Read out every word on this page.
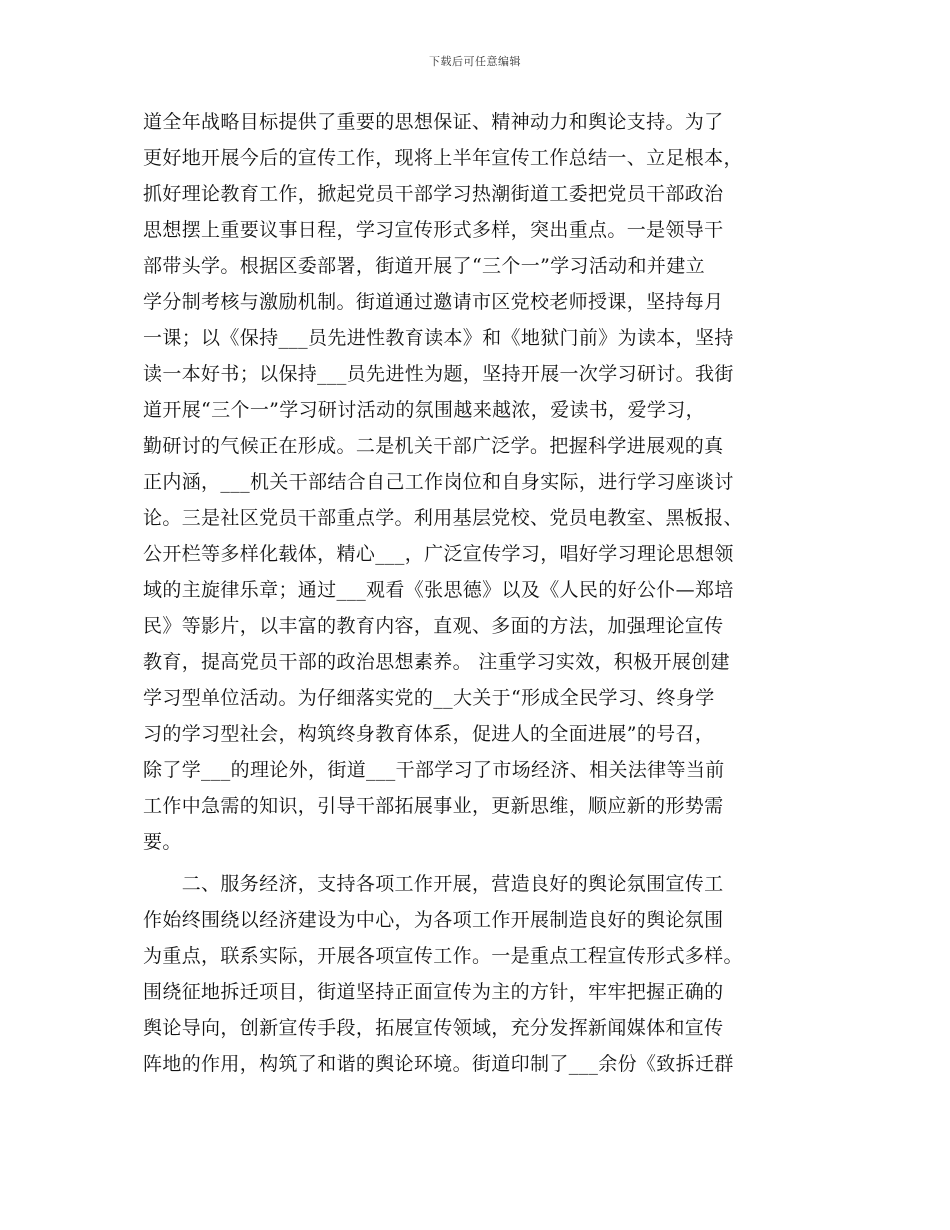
下载后可任意编辑
道全年战略目标提供了重要的思想保证、精神动力和舆论支持。为了
更好地开展今后的宣传工作，现将上半年宣传工作总结一、立足根本，
抓好理论教育工作，掀起党员干部学习热潮街道工委把党员干部政治
思想摆上重要议事日程，学习宣传形式多样，突出重点。一是领导干
部带头学。根据区委部署，街道开展了“三个一”学习活动和并建立
学分制考核与激励机制。街道通过邀请市区党校老师授课，坚持每月
一课；以《保持___员先进性教育读本》和《地狱门前》为读本，坚持
读一本好书；以保持___员先进性为题，坚持开展一次学习研讨。我街
道开展“三个一”学习研讨活动的氛围越来越浓，爱读书，爱学习，
勤研讨的气候正在形成。二是机关干部广泛学。把握科学进展观的真
正内涵，___机关干部结合自己工作岗位和自身实际，进行学习座谈讨
论。三是社区党员干部重点学。利用基层党校、党员电教室、黑板报、
公开栏等多样化载体，精心___，广泛宣传学习，唱好学习理论思想领
域的主旋律乐章；通过___观看《张思德》以及《人民的好公仆—郑培
民》等影片，以丰富的教育内容，直观、多面的方法，加强理论宣传
教育，提高党员干部的政治思想素养。 注重学习实效，积极开展创建
学习型单位活动。为仔细落实党的__大关于“形成全民学习、终身学
习的学习型社会，构筑终身教育体系，促进人的全面进展”的号召，
除了学___的理论外，街道___干部学习了市场经济、相关法律等当前
工作中急需的知识，引导干部拓展事业，更新思维，顺应新的形势需
要。
　　二、服务经济，支持各项工作开展，营造良好的舆论氛围宣传工
作始终围绕以经济建设为中心，为各项工作开展制造良好的舆论氛围
为重点，联系实际，开展各项宣传工作。一是重点工程宣传形式多样。
围绕征地拆迁项目，街道坚持正面宣传为主的方针，牢牢把握正确的
舆论导向，创新宣传手段，拓展宣传领域，充分发挥新闻媒体和宣传
阵地的作用，构筑了和谐的舆论环境。街道印制了___余份《致拆迁群
